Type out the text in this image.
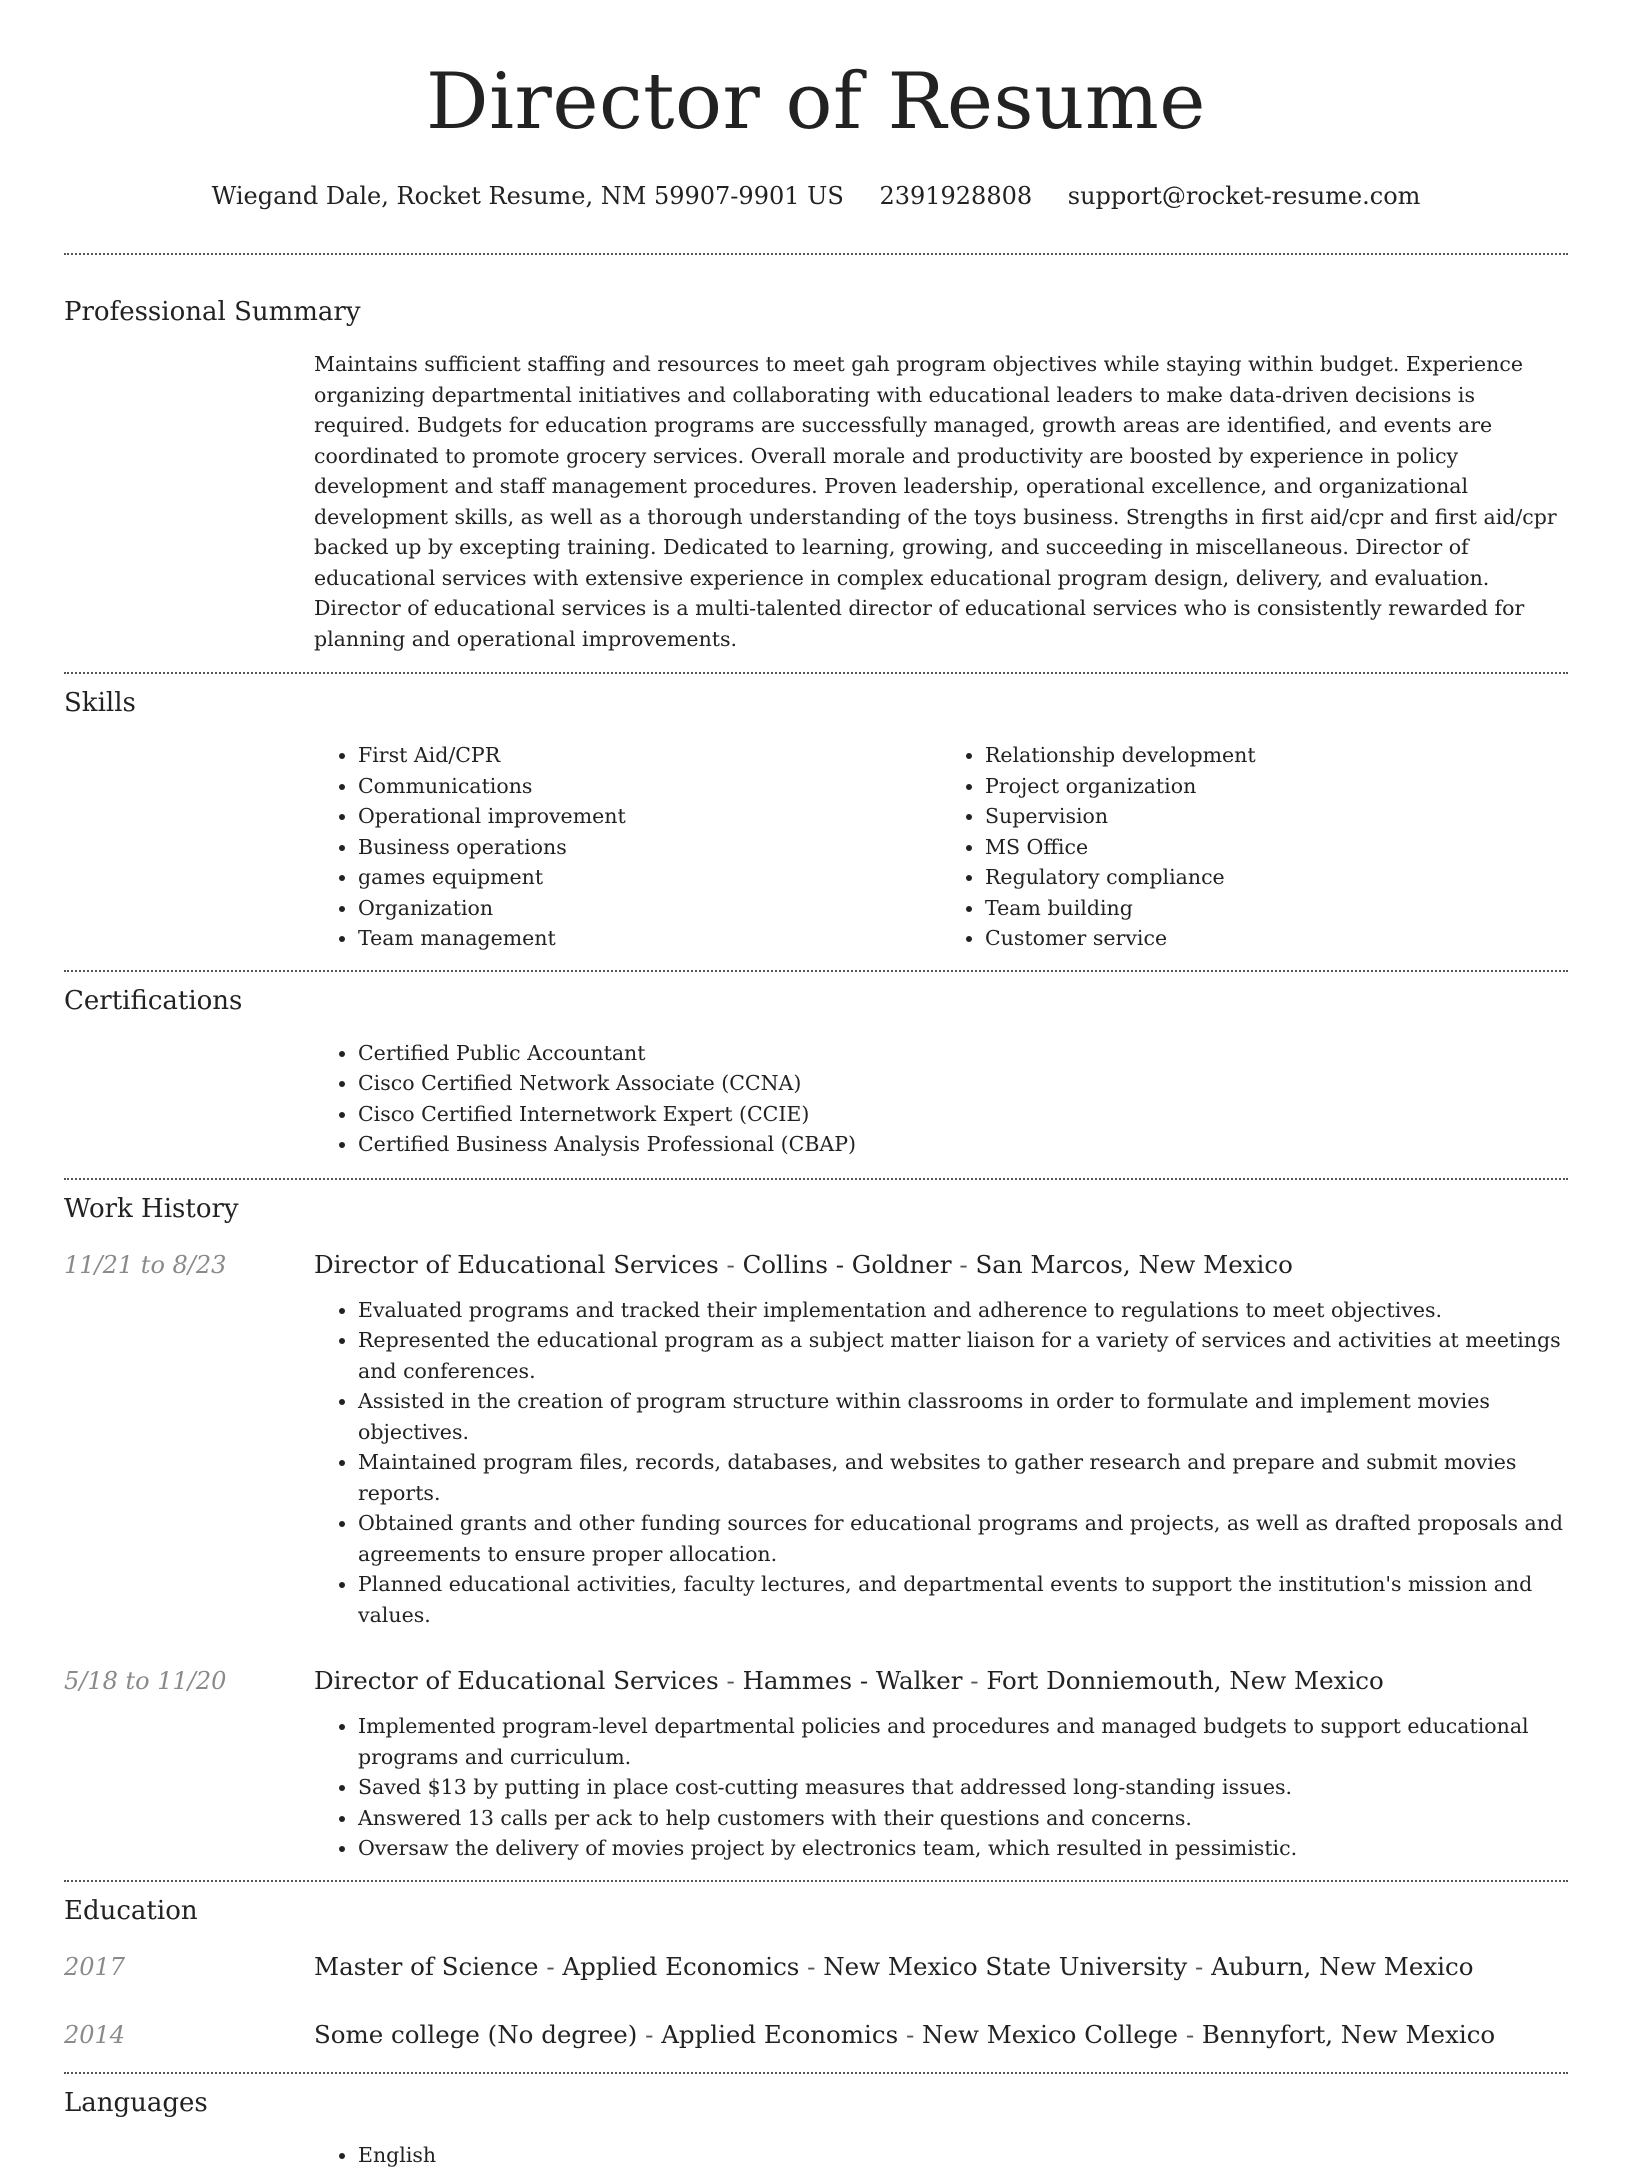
Director of Resume
Wiegand Dale, Rocket Resume, NM 59907-9901 US 2391928808 support@rocket-resume.com
Professional Summary

Maintains sufficient staffing and resources to meet gah program objectives while staying within budget. Experience organizing departmental initiatives and collaborating with educational leaders to make data-driven decisions is required. Budgets for education programs are successfully managed, growth areas are identified, and events are coordinated to promote grocery services. Overall morale and productivity are boosted by experience in policy development and staff management procedures. Proven leadership, operational excellence, and organizational development skills, as well as a thorough understanding of the toys business. Strengths in first aid/cpr and first aid/cpr backed up by excepting training. Dedicated to learning, growing, and succeeding in miscellaneous. Director of educational services with extensive experience in complex educational program design, delivery, and evaluation. Director of educational services is a multi-talented director of educational services who is consistently rewarded for planning and operational improvements.

Skills
• First Aid/CPR
• Communications
• Operational improvement
• Business operations
• games equipment
• Organization
• Team management
• Relationship development
• Project organization
• Supervision
• MS Office
• Regulatory compliance
• Team building
• Customer service
Certifications
• Certified Public Accountant
• Cisco Certified Network Associate (CCNA)
• Cisco Certified Internetwork Expert (CCIE)
• Certified Business Analysis Professional (CBAP)
Work History
11/21 to 8/23	Director of Educational Services - Collins - Goldner - San Marcos, New Mexico
• Evaluated programs and tracked their implementation and adherence to regulations to meet objectives.
• Represented the educational program as a subject matter liaison for a variety of services and activities at meetings and conferences.
• Assisted in the creation of program structure within classrooms in order to formulate and implement movies objectives.
• Maintained program files, records, databases, and websites to gather research and prepare and submit movies reports.
• Obtained grants and other funding sources for educational programs and projects, as well as drafted proposals and agreements to ensure proper allocation.
• Planned educational activities, faculty lectures, and departmental events to support the institution's mission and values.
5/18 to 11/20	Director of Educational Services - Hammes - Walker - Fort Donniemouth, New Mexico
• Implemented program-level departmental policies and procedures and managed budgets to support educational programs and curriculum.
• Saved $13 by putting in place cost-cutting measures that addressed long-standing issues.
• Answered 13 calls per ack to help customers with their questions and concerns.
• Oversaw the delivery of movies project by electronics team, which resulted in pessimistic.
Education
2017	Master of Science - Applied Economics - New Mexico State University - Auburn, New Mexico
2014	Some college (No degree) - Applied Economics - New Mexico College - Bennyfort, New Mexico
Languages
• English
